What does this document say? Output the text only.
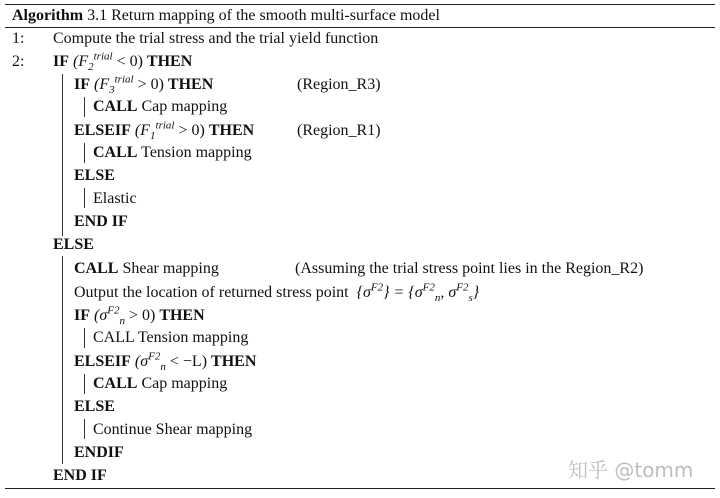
Algorithm 3.1 Return mapping of the smooth multi-surface model
1: Compute the trial stress and the trial yield function
2: IF $(F_2^{trial} < 0)$ THEN
IF $(F_3^{trial} > 0)$ THEN	(Region_R3)
CALL Cap mapping
ELSEIF $(F_1^{trial} > 0)$ THEN	(Region_R1)
CALL Tension mapping
ELSE
Elastic
END IF
ELSE
CALL Shear mapping	(Assuming the trial stress point lies in the Region_R2)
Output the location of returned stress point $\{\sigma^{F2}\} = \{\sigma^{F2}_n$, $\sigma^{F2}_s$}
IF $(\sigma^{F2}_n > 0)$ THEN
CALL Tension mapping
ELSEIF $(\sigma^{F2}_n < -L)$ THEN
CALL Cap mapping
ELSE
Continue Shear mapping
ENDIF
END IF	知乎 @tomm
